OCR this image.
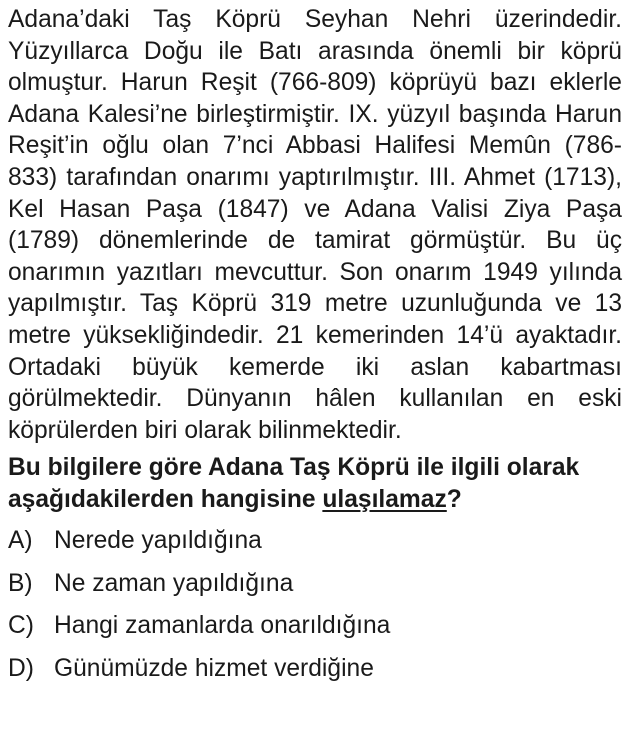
Adana’daki Taş Köprü Seyhan Nehri üzerindedir. Yüzyıllarca Doğu ile Batı arasında önemli bir köprü olmuştur. Harun Reşit (766-809) köprüyü bazı eklerle Adana Kalesi’ne birleştirmiştir. IX. yüzyıl başında Harun Reşit’in oğlu olan 7’nci Abbasi Halifesi Memûn (786-833) tarafından onarımı yaptırılmıştır. III. Ahmet (1713), Kel Hasan Paşa (1847) ve Adana Valisi Ziya Paşa (1789) dönemlerinde de tamirat görmüştür. Bu üç onarımın yazıtları mevcuttur. Son onarım 1949 yılında yapılmıştır. Taş Köprü 319 metre uzunluğunda ve 13 metre yüksekliğindedir. 21 kemerinden 14’ü ayaktadır. Ortadaki büyük kemerde iki aslan kabartması görülmektedir. Dünyanın hâlen kullanılan en eski köprülerden biri olarak bilinmektedir.

Bu bilgilere göre Adana Taş Köprü ile ilgili olarak aşağıdakilerden hangisine ulaşılamaz?

A) Nerede yapıldığına
B) Ne zaman yapıldığına
C) Hangi zamanlarda onarıldığına
D) Günümüzde hizmet verdiğine
